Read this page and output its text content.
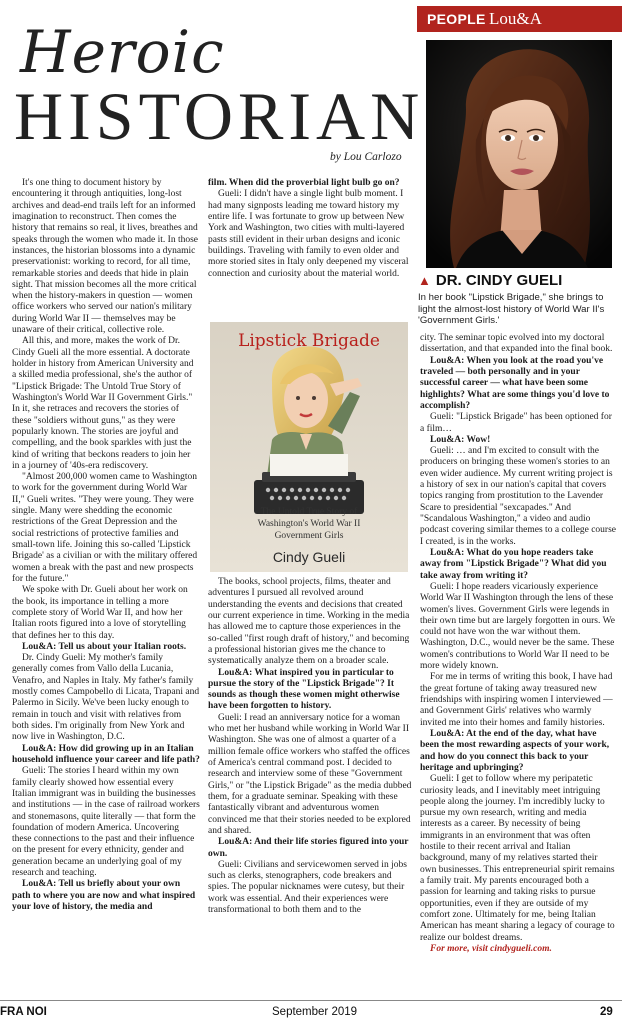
PEOPLE Lou&A
Heroic
HISTORIAN
by Lou Carlozo
▲ DR. CINDY GUELI
In her book "Lipstick Brigade," she brings to light the almost-lost history of World War II's 'Government Girls.'

It's one thing to document history by encountering it through antiquities, long-lost archives and dead-end trails left for an informed imagination to reconstruct. Then comes the history that remains so real, it lives, breathes and speaks through the women who made it. In those instances, the historian blossoms into a dynamic preservationist: working to record, for all time, remarkable stories and deeds that hide in plain sight. That mission becomes all the more critical when the history-makers in question — women office workers who served our nation's military during World War II — themselves may be unaware of their critical, collective role.

All this, and more, makes the work of Dr. Cindy Gueli all the more essential. A doctorate holder in history from American University and a skilled media professional, she's the author of "Lipstick Brigade: The Untold True Story of Washington's World War II Government Girls." In it, she retraces and recovers the stories of these "soldiers without guns," as they were popularly known. The stories are joyful and compelling, and the book sparkles with just the kind of writing that beckons readers to join her in a journey of '40s-era rediscovery.

"Almost 200,000 women came to Washington to work for the government during World War II," Gueli writes. "They were young. They were single. Many were shedding the economic restrictions of the Great Depression and the social restrictions of protective families and small-town life. Joining this so-called 'Lipstick Brigade' as a civilian or with the military offered women a break with the past and new prospects for the future."

We spoke with Dr. Gueli about her work on the book, its importance in telling a more complete story of World War II, and how her Italian roots figured into a love of storytelling that defines her to this day.

Lou&A: Tell us about your Italian roots.

Dr. Cindy Gueli: My mother's family generally comes from Vallo della Lucania, Venafro, and Naples in Italy. My father's family mostly comes Campobello di Licata, Trapani and Palermo in Sicily. We've been lucky enough to remain in touch and visit with relatives from both sides. I'm originally from New York and now live in Washington, D.C.

Lou&A: How did growing up in an Italian household influence your career and life path?

Gueli: The stories I heard within my own family clearly showed how essential every Italian immigrant was in building the businesses and institutions — in the case of railroad workers and stonemasons, quite literally — that form the foundation of modern America. Uncovering these connections to the past and their influence on the present for every ethnicity, gender and generation became an underlying goal of my research and teaching.

Lou&A: Tell us briefly about your own path to where you are now and what inspired your love of history, the media and

film. When did the proverbial light bulb go on?

Gueli: I didn't have a single light bulb moment. I had many signposts leading me toward history my entire life. I was fortunate to grow up between New York and Washington, two cities with multi-layered pasts still evident in their urban designs and iconic buildings. Traveling with family to even older and more storied sites in Italy only deepened my visceral connection and curiosity about the material world.

Lipstick Brigade
The Untold True Story of
Washington's World War II
Government Girls
Cindy Gueli

The books, school projects, films, theater and adventures I pursued all revolved around understanding the events and decisions that created our current experience in time. Working in the media has allowed me to capture those experiences in the so-called "first rough draft of history," and becoming a professional historian gives me the chance to systematically analyze them on a broader scale.

Lou&A: What inspired you in particular to pursue the story of the "Lipstick Brigade"? It sounds as though these women might otherwise have been forgotten to history.

Gueli: I read an anniversary notice for a woman who met her husband while working in World War II Washington. She was one of almost a quarter of a million female office workers who staffed the offices of America's central command post. I decided to research and interview some of these "Government Girls," or "the Lipstick Brigade" as the media dubbed them, for a graduate seminar. Speaking with these fantastically vibrant and adventurous women convinced me that their stories needed to be explored and shared.

Lou&A: And their life stories figured into your own.

Gueli: Civilians and servicewomen served in jobs such as clerks, stenographers, code breakers and spies. The popular nicknames were cutesy, but their work was essential. And their experiences were transformational to both them and to the

city. The seminar topic evolved into my doctoral dissertation, and that expanded into the final book.

Lou&A: When you look at the road you've traveled — both personally and in your successful career — what have been some highlights? What are some things you'd love to accomplish?

Gueli: "Lipstick Brigade" has been optioned for a film…

Lou&A: Wow!

Gueli: … and I'm excited to consult with the producers on bringing these women's stories to an even wider audience. My current writing project is a history of sex in our nation's capital that covers topics ranging from prostitution to the Lavender Scare to presidential "sexcapades." And "Scandalous Washington," a video and audio podcast covering similar themes to a college course I created, is in the works.

Lou&A: What do you hope readers take away from "Lipstick Brigade"? What did you take away from writing it?

Gueli: I hope readers vicariously experience World War II Washington through the lens of these women's lives. Government Girls were legends in their own time but are largely forgotten in ours. We could not have won the war without them. Washington, D.C., would never be the same. These women's contributions to World War II need to be more widely known.

For me in terms of writing this book, I have had the great fortune of taking away treasured new friendships with inspiring women I interviewed — and Government Girls' relatives who warmly invited me into their homes and family histories.

Lou&A: At the end of the day, what have been the most rewarding aspects of your work, and how do you connect this back to your heritage and upbringing?

Gueli: I get to follow where my peripatetic curiosity leads, and I inevitably meet intriguing people along the journey. I'm incredibly lucky to pursue my own research, writing and media interests as a career. By necessity of being immigrants in an environment that was often hostile to their recent arrival and Italian background, many of my relatives started their own businesses. This entrepreneurial spirit remains a family trait. My parents encouraged both a passion for learning and taking risks to pursue opportunities, even if they are outside of my comfort zone. Ultimately for me, being Italian American has meant sharing a legacy of courage to realize our boldest dreams.

For more, visit cindygueli.com.

FRA NOI	September 2019	29
